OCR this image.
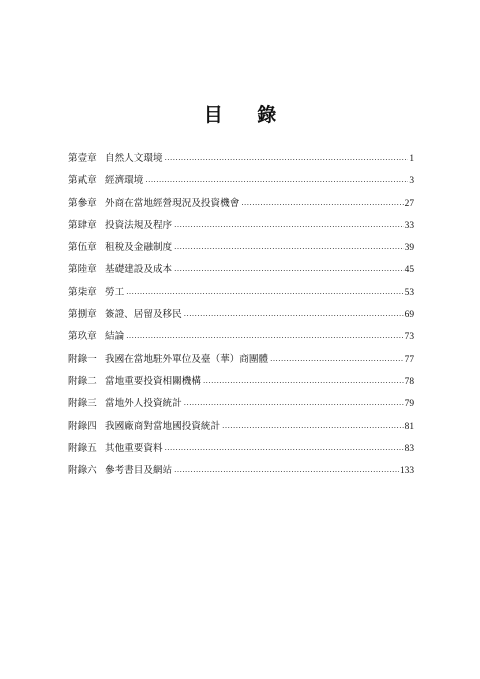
目 錄
第壹章 自然人文環境 .....	1
第貳章 經濟環境 .....	3
第參章 外商在當地經營現況及投資機會 .....	27
第肆章 投資法規及程序 .....	33
第伍章 租稅及金融制度 .....	39
第陸章 基礎建設及成本 .....	45
第柒章 勞工 .....	53
第捌章 簽證、居留及移民 .....	69
第玖章 結論 .....	73
附錄一 我國在當地駐外單位及臺（華）商團體 .....	77
附錄二 當地重要投資相關機構 .....	78
附錄三 當地外人投資統計 .....	79
附錄四 我國廠商對當地國投資統計 .....	81
附錄五 其他重要資料 .....	83
附錄六 參考書目及網站 .....	133
